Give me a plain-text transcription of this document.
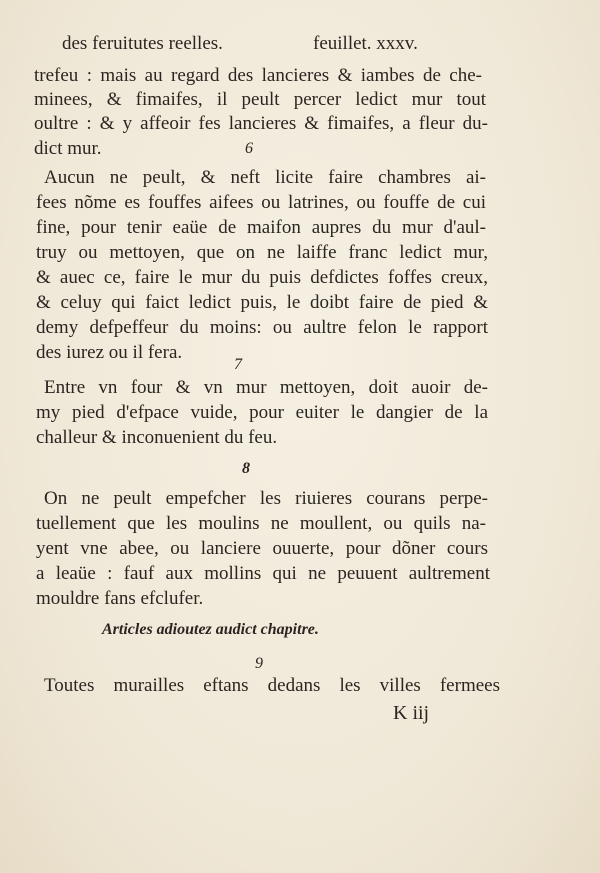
des feruitutes reelles.	feuillet. xxxv.
trefeu : mais au regard des lancieres & iambes de che-
minees, & fimaifes, il peult percer ledict mur tout
oultre : & y affeoir fes lancieres & fimaifes, a fleur du-
dict mur.	6
Aucun ne peult, & neft licite faire chambres ai-
fees nõme es fouffes aifees ou latrines, ou fouffe de cui
fine, pour tenir eaüe de maifon aupres du mur d'aul-
truy ou mettoyen, que on ne laiffe franc ledict mur,
& auec ce, faire le mur du puis defdictes foffes creux,
& celuy qui faict ledict puis, le doibt faire de pied &
demy defpeffeur du moins: ou aultre felon le rapport
des iurez ou il fera.
7
Entre vn four & vn mur mettoyen, doit auoir de-
my pied d'efpace vuide, pour euiter le dangier de la
challeur & inconuenient du feu.
8
On ne peult empefcher les riuieres courans perpe-
tuellement que les moulins ne moullent, ou quils na-
yent vne abee, ou lanciere ouuerte, pour dõner cours
a leaüe : fauf aux mollins qui ne peuuent aultrement
mouldre fans efclufer.
Articles adioutez audict chapitre.
9
Toutes murailles eftans dedans les villes fermees
K iij
